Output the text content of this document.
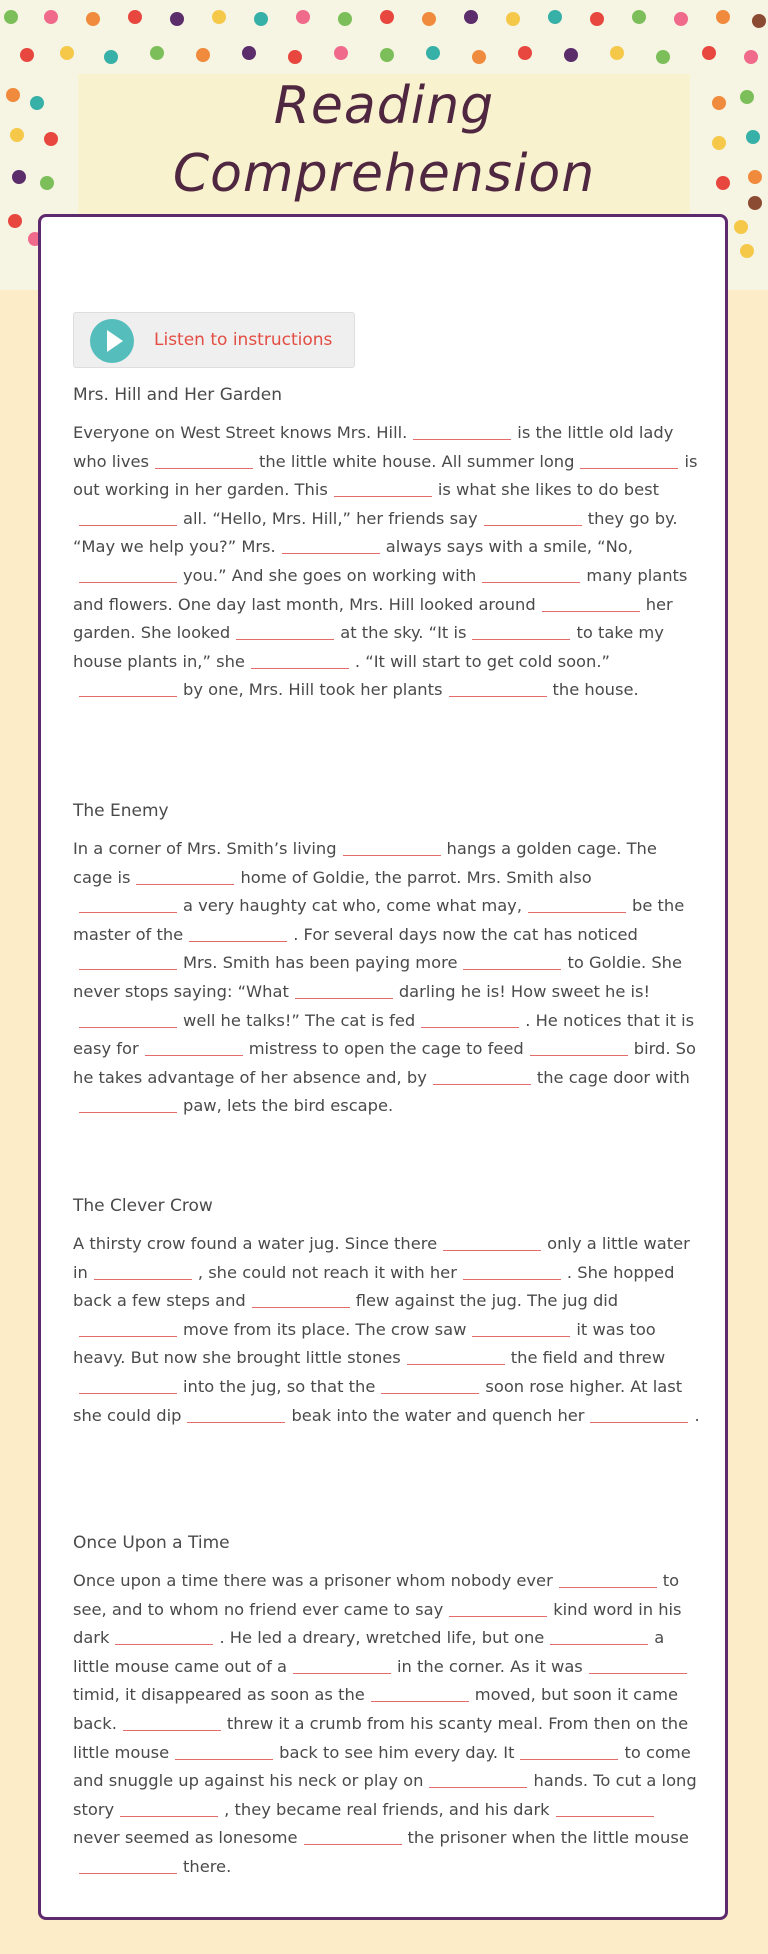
Reading Comprehension
Listen to instructions
Mrs. Hill and Her Garden

Everyone on West Street knows Mrs. Hill.	is the little old lady who lives	the little white house. All summer long	is out working in her garden. This	is what she likes to do bestall. “Hello, Mrs. Hill,” her friends say	they go by. “May we help you?” Mrs.	always says with a smile, “No,you.” And she goes on working with	many plants and flowers. One day last month, Mrs. Hill looked around	her garden. She looked	at the sky. “It is	to take my house plants in,” she	. “It will start to get cold soon.”by one, Mrs. Hill took her plants	the house.

The Enemy

In a corner of Mrs. Smith’s living	hangs a golden cage. The cage is	home of Goldie, the parrot. Mrs. Smith alsoa very haughty cat who, come what may,	be the master of the	. For several days now the cat has noticedMrs. Smith has been paying more	to Goldie. She never stops saying: “What	darling he is! How sweet he is!well he talks!” The cat is fed	. He notices that it is easy for	mistress to open the cage to feed	bird. So he takes advantage of her absence and, by	the cage door withpaw, lets the bird escape.

The Clever Crow

A thirsty crow found a water jug. Since there	only a little water in	, she could not reach it with her	. She hopped back a few steps and	flew against the jug. The jug didmove from its place. The crow saw	it was too heavy. But now she brought little stones	the field and threwinto the jug, so that the	soon rose higher. At last she could dip	beak into the water and quench her	.

Once Upon a Time

Once upon a time there was a prisoner whom nobody ever	to see, and to whom no friend ever came to say	kind word in his dark	. He led a dreary, wretched life, but one	a little mouse came out of a	in the corner. As it wastimid, it disappeared as soon as the	moved, but soon it came back.	threw it a crumb from his scanty meal. From then on the little mouse	back to see him every day. It	to come and snuggle up against his neck or play on	hands. To cut a long story	, they became real friends, and his darknever seemed as lonesome	the prisoner when the little mousethere.
